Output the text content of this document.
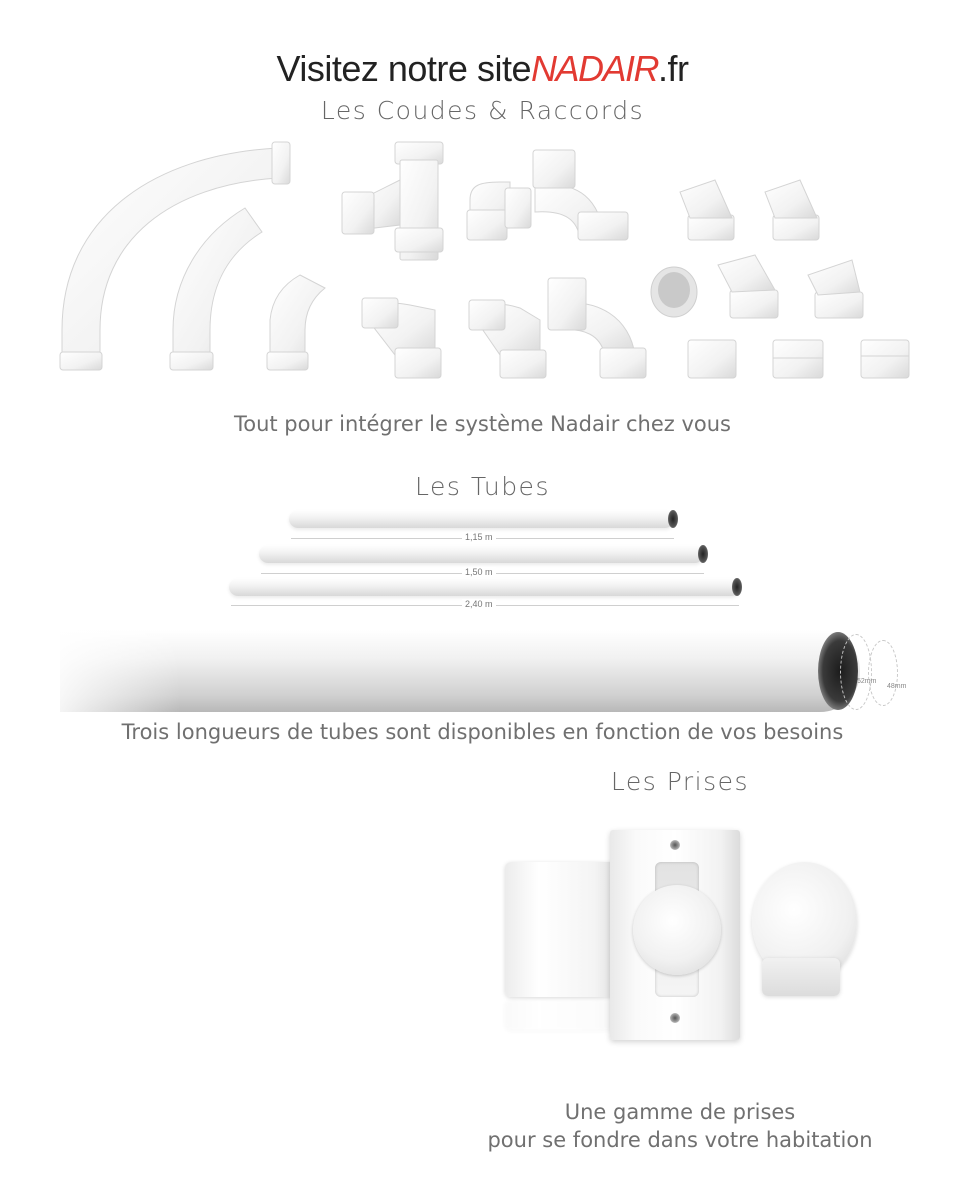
Visitez notre siteNADAIR.fr
Les Coudes & Raccords
Tout pour intégrer le système Nadair chez vous
Les Tubes
1,15 m
1,50 m
2,40 m
52mm
48mm
Trois longueurs de tubes sont disponibles en fonction de vos besoins
Les Prises
Une gamme de prises
pour se fondre dans votre habitation
